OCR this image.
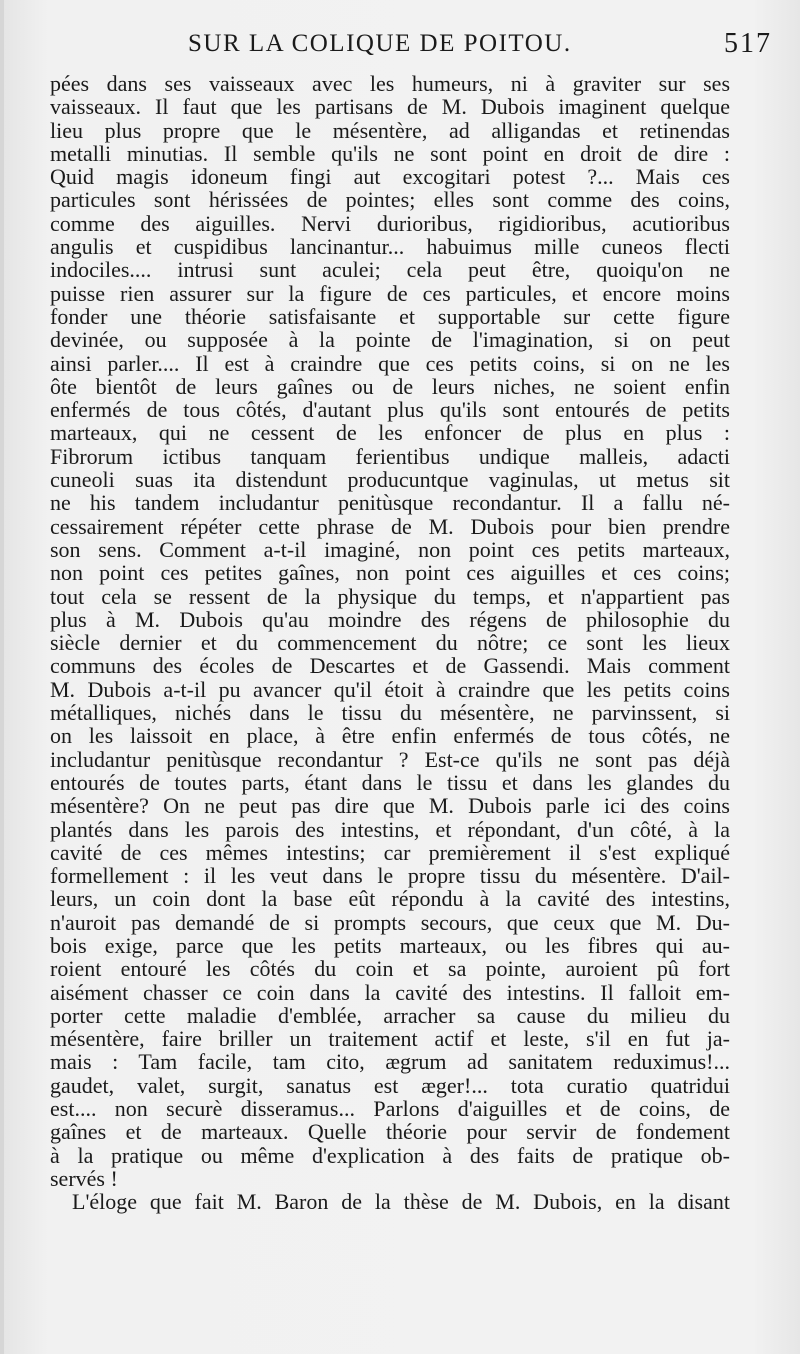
SUR LA COLIQUE DE POITOU.	517
pées dans ses vaisseaux avec les humeurs, ni à graviter sur ses
vaisseaux. Il faut que les partisans de M. Dubois imaginent quelque
lieu plus propre que le mésentère, ad alligandas et retinendas
metalli minutias. Il semble qu'ils ne sont point en droit de dire :
Quid magis idoneum fingi aut excogitari potest ?... Mais ces
particules sont hérissées de pointes; elles sont comme des coins,
comme des aiguilles. Nervi durioribus, rigidioribus, acutioribus
angulis et cuspidibus lancinantur... habuimus mille cuneos flecti
indociles.... intrusi sunt aculei; cela peut être, quoiqu'on ne
puisse rien assurer sur la figure de ces particules, et encore moins
fonder une théorie satisfaisante et supportable sur cette figure
devinée, ou supposée à la pointe de l'imagination, si on peut
ainsi parler.... Il est à craindre que ces petits coins, si on ne les
ôte bientôt de leurs gaînes ou de leurs niches, ne soient enfin
enfermés de tous côtés, d'autant plus qu'ils sont entourés de petits
marteaux, qui ne cessent de les enfoncer de plus en plus :
Fibrorum ictibus tanquam ferientibus undique malleis, adacti
cuneoli suas ita distendunt producuntque vaginulas, ut metus sit
ne his tandem includantur penitùsque recondantur. Il a fallu né-
cessairement répéter cette phrase de M. Dubois pour bien prendre
son sens. Comment a-t-il imaginé, non point ces petits marteaux,
non point ces petites gaînes, non point ces aiguilles et ces coins;
tout cela se ressent de la physique du temps, et n'appartient pas
plus à M. Dubois qu'au moindre des régens de philosophie du
siècle dernier et du commencement du nôtre; ce sont les lieux
communs des écoles de Descartes et de Gassendi. Mais comment
M. Dubois a-t-il pu avancer qu'il étoit à craindre que les petits coins
métalliques, nichés dans le tissu du mésentère, ne parvinssent, si
on les laissoit en place, à être enfin enfermés de tous côtés, ne
includantur penitùsque recondantur ? Est-ce qu'ils ne sont pas déjà
entourés de toutes parts, étant dans le tissu et dans les glandes du
mésentère? On ne peut pas dire que M. Dubois parle ici des coins
plantés dans les parois des intestins, et répondant, d'un côté, à la
cavité de ces mêmes intestins; car premièrement il s'est expliqué
formellement : il les veut dans le propre tissu du mésentère. D'ail-
leurs, un coin dont la base eût répondu à la cavité des intestins,
n'auroit pas demandé de si prompts secours, que ceux que M. Du-
bois exige, parce que les petits marteaux, ou les fibres qui au-
roient entouré les côtés du coin et sa pointe, auroient pû fort
aisément chasser ce coin dans la cavité des intestins. Il falloit em-
porter cette maladie d'emblée, arracher sa cause du milieu du
mésentère, faire briller un traitement actif et leste, s'il en fut ja-
mais : Tam facile, tam cito, ægrum ad sanitatem reduximus!...
gaudet, valet, surgit, sanatus est æger!... tota curatio quatridui
est.... non securè disseramus... Parlons d'aiguilles et de coins, de
gaînes et de marteaux. Quelle théorie pour servir de fondement
à la pratique ou même d'explication à des faits de pratique ob-
servés !
L'éloge que fait M. Baron de la thèse de M. Dubois, en la disant
